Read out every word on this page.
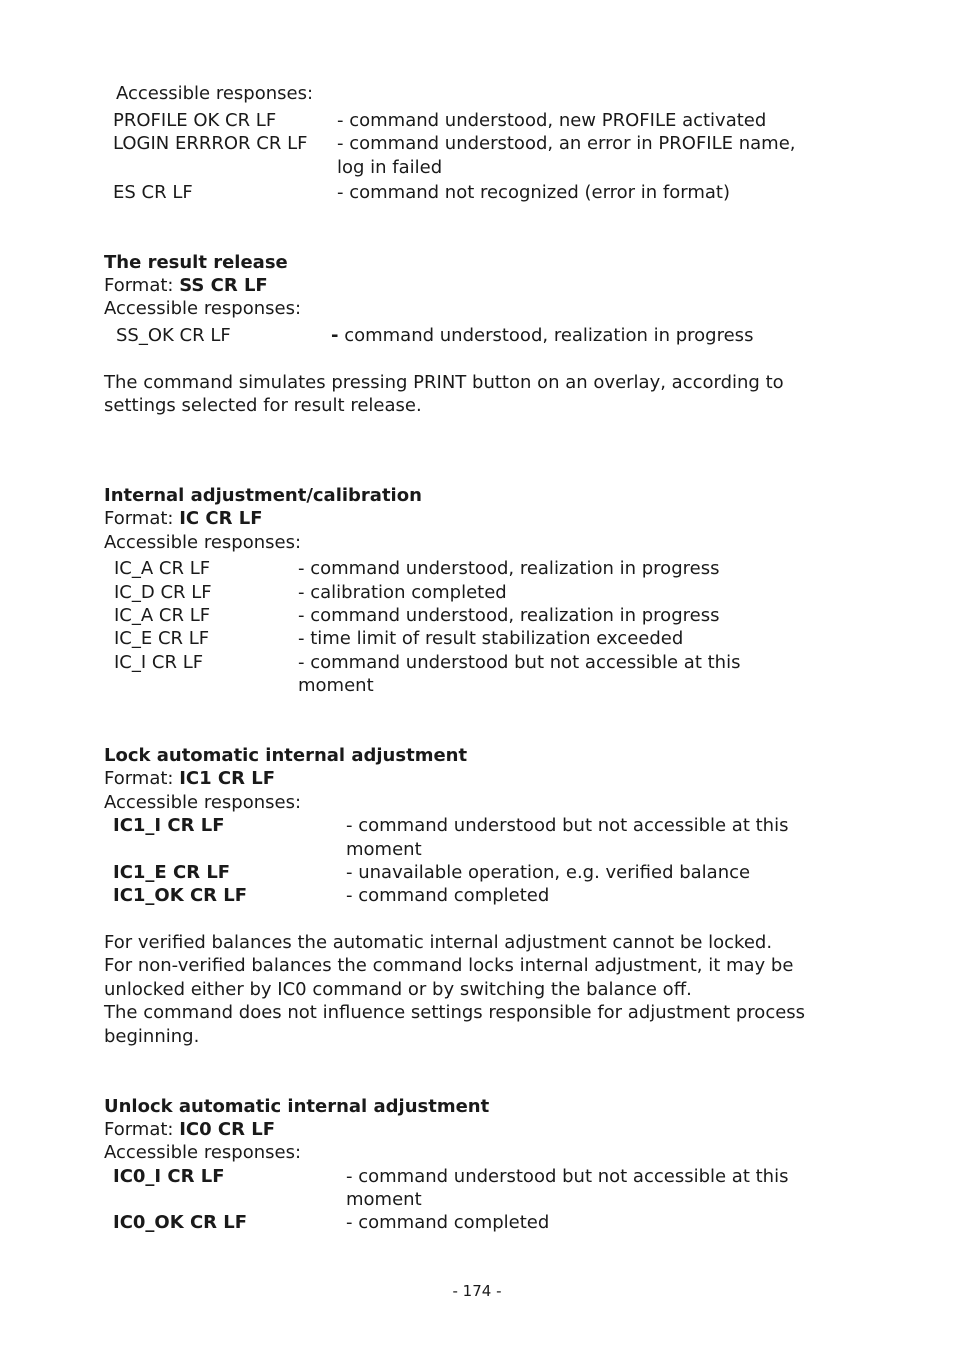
Accessible responses:
PROFILE OK CR LF	- command understood, new PROFILE activated
LOGIN ERRROR CR LF - command understood, an error in PROFILE name,
log in failed
ES CR LF	- command not recognized (error in format)
The result release
Format: SS CR LF
Accessible responses:
SS_OK CR LF	- command understood, realization in progress
The command simulates pressing PRINT button on an overlay, according to
settings selected for result release.
Internal adjustment/calibration
Format: IC CR LF
Accessible responses:
IC_A CR LF	- command understood, realization in progress
IC_D CR LF	- calibration completed
IC_A CR LF	- command understood, realization in progress
IC_E CR LF	- time limit of result stabilization exceeded
IC_I CR LF	- command understood but not accessible at this
moment
Lock automatic internal adjustment
Format: IC1 CR LF
Accessible responses:
IC1_I CR LF	- command understood but not accessible at this
moment
IC1_E CR LF	- unavailable operation, e.g. verified balance
IC1_OK CR LF	- command completed
For verified balances the automatic internal adjustment cannot be locked.
For non-verified balances the command locks internal adjustment, it may be
unlocked either by IC0 command or by switching the balance off.
The command does not influence settings responsible for adjustment process
beginning.
Unlock automatic internal adjustment
Format: IC0 CR LF
Accessible responses:
IC0_I CR LF	- command understood but not accessible at this
moment
IC0_OK CR LF	- command completed
- 174 -
